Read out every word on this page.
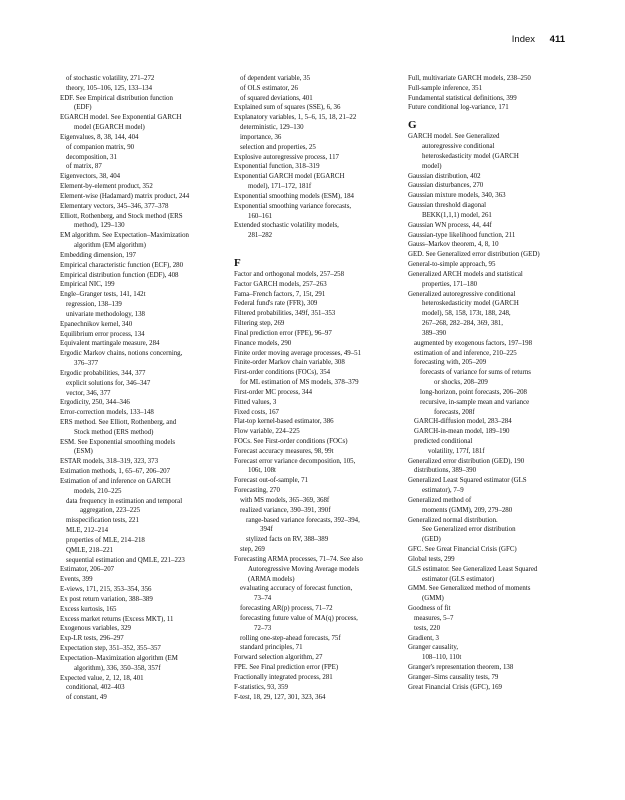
Index 411
of stochastic volatility, 271–272
theory, 105–106, 125, 133–134
EDF. See Empirical distribution function
(EDF)
EGARCH model. See Exponential GARCH
model (EGARCH model)
Eigenvalues, 8, 38, 144, 404
of companion matrix, 90
decomposition, 31
of matrix, 87
Eigenvectors, 38, 404
Element-by-element product, 352
Element-wise (Hadamard) matrix product, 244
Elementary vectors, 345–346, 377–378
Elliott, Rothenberg, and Stock method (ERS
method), 129–130
EM algorithm. See Expectation–Maximization
algorithm (EM algorithm)
Embedding dimension, 197
Empirical characteristic function (ECF), 280
Empirical distribution function (EDF), 408
Empirical NIC, 199
Engle–Granger tests, 141, 142t
regression, 138–139
univariate methodology, 138
Epanechnikov kernel, 340
Equilibrium error process, 134
Equivalent martingale measure, 284
Ergodic Markov chains, notions concerning,
376–377
Ergodic probabilities, 344, 377
explicit solutions for, 346–347
vector, 346, 377
Ergodicity, 250, 344–346
Error-correction models, 133–148
ERS method. See Elliott, Rothenberg, and
Stock method (ERS method)
ESM. See Exponential smoothing models
(ESM)
ESTAR models, 318–319, 323, 373
Estimation methods, 1, 65–67, 206–207
Estimation of and inference on GARCH
models, 210–225
data frequency in estimation and temporal
aggregation, 223–225
misspecification tests, 221
MLE, 212–214
properties of MLE, 214–218
QMLE, 218–221
sequential estimation and QMLE, 221–223
Estimator, 206–207
Events, 399
E-views, 171, 215, 353–354, 356
Ex post return variation, 388–389
Excess kurtosis, 165
Excess market returns (Excess MKT), 11
Exogenous variables, 329
Exp-LR tests, 296–297
Expectation step, 351–352, 355–357
Expectation–Maximization algorithm (EM
algorithm), 336, 350–358, 357f
Expected value, 2, 12, 18, 401
conditional, 402–403
of constant, 49
of dependent variable, 35
of OLS estimator, 26
of squared deviations, 401
Explained sum of squares (SSE), 6, 36
Explanatory variables, 1, 5–6, 15, 18, 21–22
deterministic, 129–130
importance, 36
selection and properties, 25
Explosive autoregressive process, 117
Exponential function, 318–319
Exponential GARCH model (EGARCH
model), 171–172, 181f
Exponential smoothing models (ESM), 184
Exponential smoothing variance forecasts,
160–161
Extended stochastic volatility models,
281–282
F
Factor and orthogonal models, 257–258
Factor GARCH models, 257–263
Fama–French factors, 7, 15t, 291
Federal fund's rate (FFR), 309
Filtered probabilities, 349f, 351–353
Filtering step, 269
Final prediction error (FPE), 96–97
Finance models, 290
Finite order moving average processes, 49–51
Finite-order Markov chain variable, 308
First-order conditions (FOCs), 354
for ML estimation of MS models, 378–379
First-order MC process, 344
Fitted values, 3
Fixed costs, 167
Flat-top kernel-based estimator, 386
Flow variable, 224–225
FOCs. See First-order conditions (FOCs)
Forecast accuracy measures, 98, 99t
Forecast error variance decomposition, 105,
106t, 108t
Forecast out-of-sample, 71
Forecasting, 270
with MS models, 365–369, 368f
realized variance, 390–391, 390f
range-based variance forecasts, 392–394,
394f
stylized facts on RV, 388–389
step, 269
Forecasting ARMA processes, 71–74. See also
Autoregressive Moving Average models
(ARMA models)
evaluating accuracy of forecast function,
73–74
forecasting AR(p) process, 71–72
forecasting future value of MA(q) process,
72–73
rolling one-step-ahead forecasts, 75f
standard principles, 71
Forward selection algorithm, 27
FPE. See Final prediction error (FPE)
Fractionally integrated process, 281
F-statistics, 93, 359
F-test, 18, 29, 127, 301, 323, 364
Full, multivariate GARCH models, 238–250
Full-sample inference, 351
Fundamental statistical definitions, 399
Future conditional log-variance, 171
G
GARCH model. See Generalized
autoregressive conditional
heteroskedasticity model (GARCH
model)
Gaussian distribution, 402
Gaussian disturbances, 270
Gaussian mixture models, 340, 363
Gaussian threshold diagonal
BEKK(1,1,1) model, 261
Gaussian WN process, 44, 44f
Gaussian-type likelihood function, 211
Gauss–Markov theorem, 4, 8, 10
GED. See Generalized error distribution (GED)
General-to-simple approach, 95
Generalized ARCH models and statistical
properties, 171–180
Generalized autoregressive conditional
heteroskedasticity model (GARCH
model), 58, 158, 173t, 188, 248,
267–268, 282–284, 369, 381,
389–390
augmented by exogenous factors, 197–198
estimation of and inference, 210–225
forecasting with, 205–209
forecasts of variance for sums of returns
or shocks, 208–209
long-horizon, point forecasts, 206–208
recursive, in-sample mean and variance
forecasts, 208f
GARCH-diffusion model, 283–284
GARCH-in-mean model, 189–190
predicted conditional
volatility, 177f, 181f
Generalized error distribution (GED), 190
distributions, 389–390
Generalized Least Squared estimator (GLS
estimator), 7–9
Generalized method of
moments (GMM), 209, 279–280
Generalized normal distribution.
See Generalized error distribution
(GED)
GFC. See Great Financial Crisis (GFC)
Global tests, 299
GLS estimator. See Generalized Least Squared
estimator (GLS estimator)
GMM. See Generalized method of moments
(GMM)
Goodness of fit
measures, 5–7
tests, 220
Gradient, 3
Granger causality,
108–110, 110t
Granger's representation theorem, 138
Granger–Sims causality tests, 79
Great Financial Crisis (GFC), 169
